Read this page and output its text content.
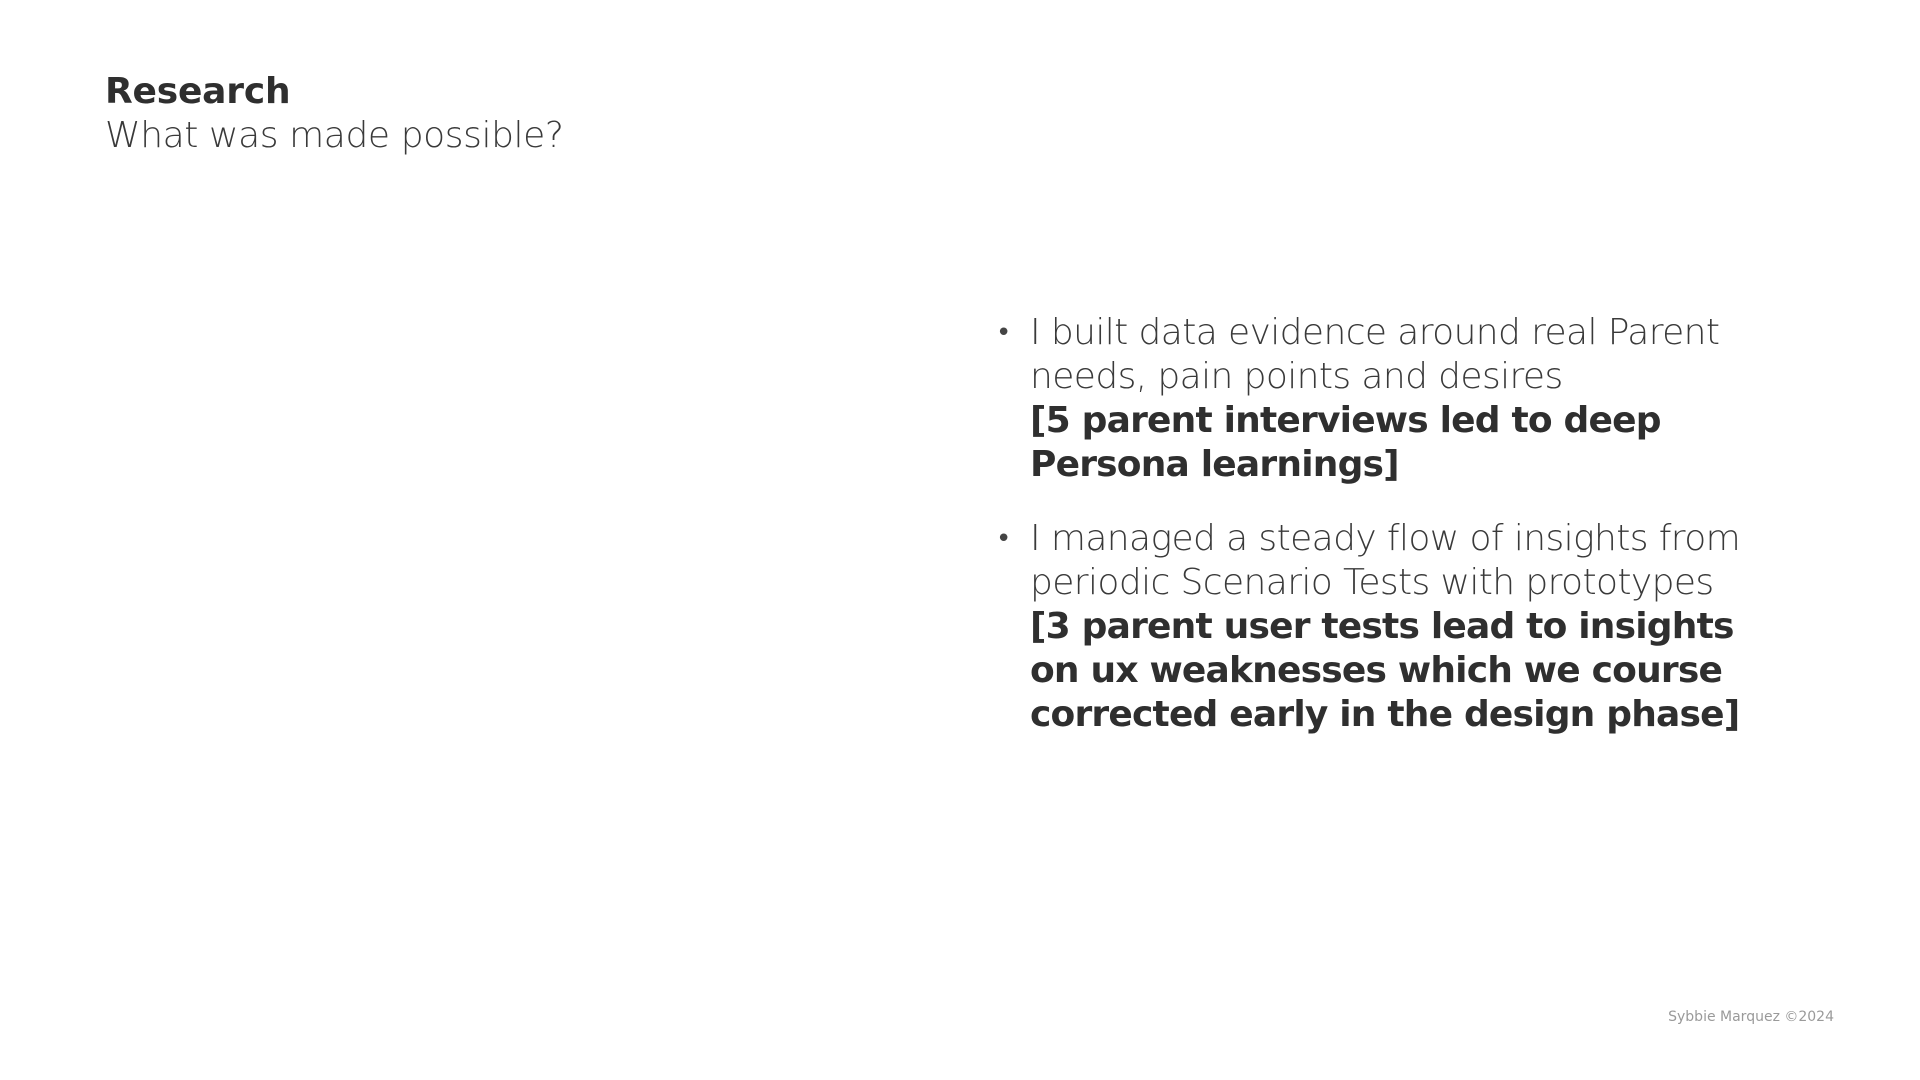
Research
What was made possible?
• I built data evidence around real Parent needs, pain points and desires
[5 parent interviews led to deep Persona learnings]
• I managed a steady flow of insights from periodic Scenario Tests with prototypes
[3 parent user tests lead to insights on ux weaknesses which we course corrected early in the design phase]
Sybbie Marquez ©2024
